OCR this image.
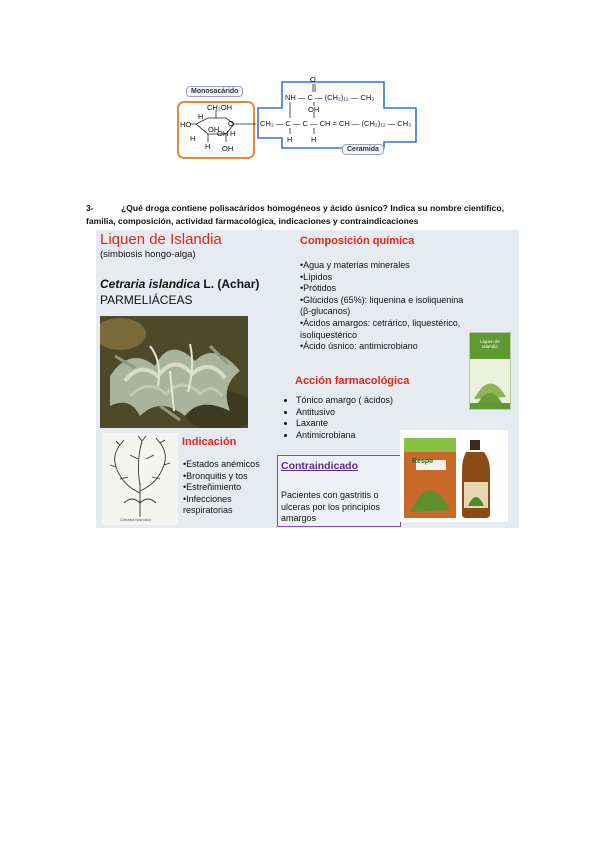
Monosacárido
Ceramida
CH₂OH
HO
H
OH
O
H
OH
H
H
OH
O
NH — C — (CH₂)₁₂ — CH₃
OH
CH₂ — C — C — CH = CH — (CH₂)₁₂ — CH₃
H H
3-	¿Qué droga contiene polisacáridos homogéneos y ácido úsnico? Indica su nombre científico, familia, composición, actividad farmacológica, indicaciones y contraindicaciones
Liquen de Islandia
(simbiosis hongo-alga)
Cetraria islandica L. (Achar)
PARMELIÁCEAS
Composición química
•Agua y materias minerales
•Lípidos
•Prótidos
•Glúcidos (65%): liquenina e isoliquenina
(β-glucanos)
•Ácidos amargos: cetrárico, liquestérico,
isoliquestérico
•Ácido úsnico: antimicrobiano	Liquen de Islandia
Acción farmacológica
• Tónico amargo ( ácidos)
• Antitusivo
• Laxante
• Antimicrobiana
Cetraria islandica
Indicación
•Estados anémicos
•Bronquitis y tos
•Estreñimiento
•Infecciones
respiratorias
Contraindicado
Pacientes con gastritis o
ulceras por los principios
amargos
Respir
